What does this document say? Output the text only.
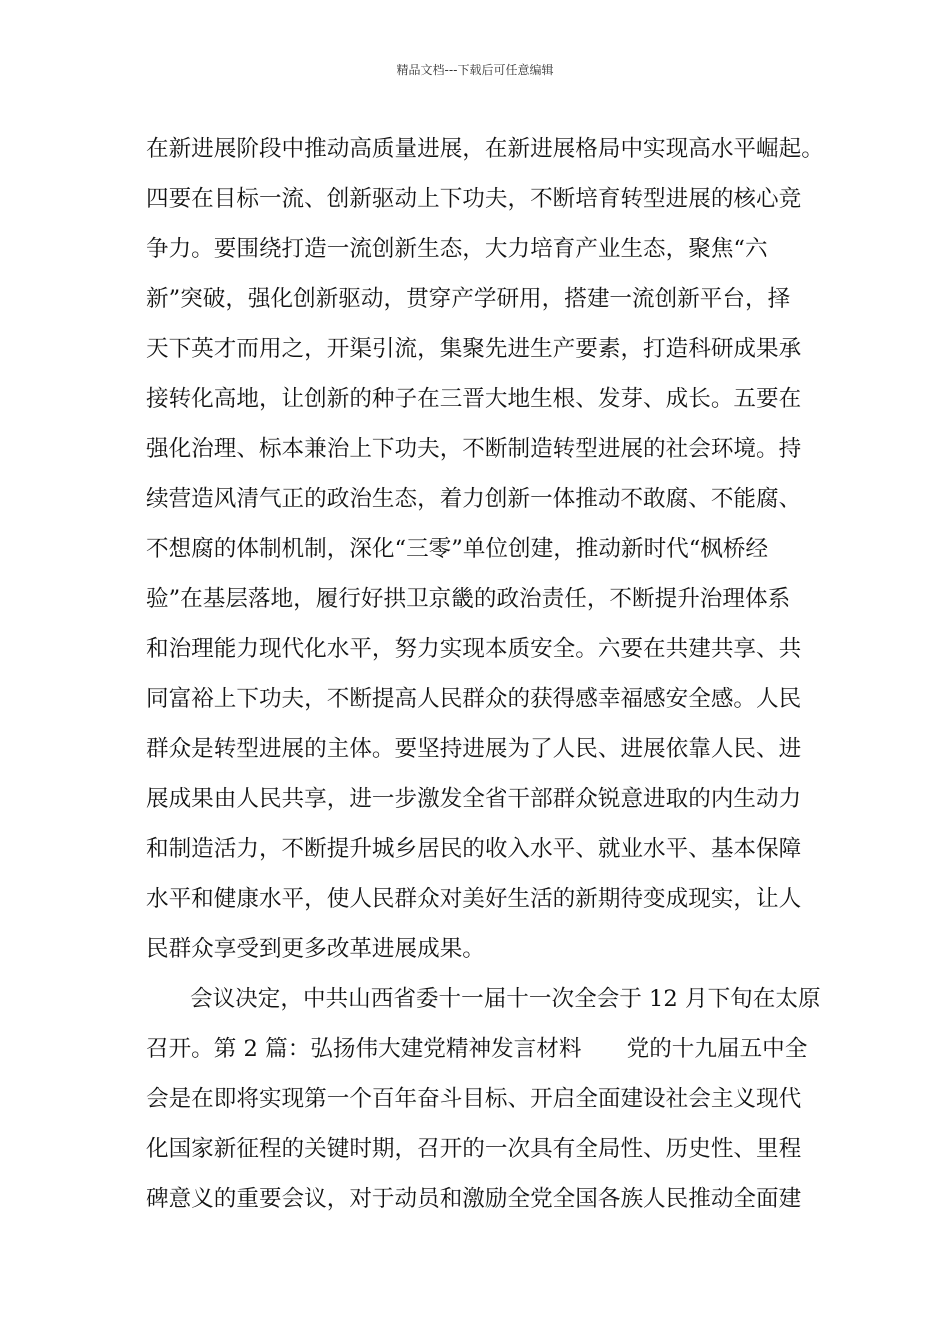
精品文档---下载后可任意编辑
在新进展阶段中推动高质量进展，在新进展格局中实现高水平崛起。
四要在目标一流、创新驱动上下功夫，不断培育转型进展的核心竞
争力。要围绕打造一流创新生态，大力培育产业生态，聚焦“六
新”突破，强化创新驱动，贯穿产学研用，搭建一流创新平台，择
天下英才而用之，开渠引流，集聚先进生产要素，打造科研成果承
接转化高地，让创新的种子在三晋大地生根、发芽、成长。五要在
强化治理、标本兼治上下功夫，不断制造转型进展的社会环境。持
续营造风清气正的政治生态，着力创新一体推动不敢腐、不能腐、
不想腐的体制机制，深化“三零”单位创建，推动新时代“枫桥经
验”在基层落地，履行好拱卫京畿的政治责任，不断提升治理体系
和治理能力现代化水平，努力实现本质安全。六要在共建共享、共
同富裕上下功夫，不断提高人民群众的获得感幸福感安全感。人民
群众是转型进展的主体。要坚持进展为了人民、进展依靠人民、进
展成果由人民共享，进一步激发全省干部群众锐意进取的内生动力
和制造活力，不断提升城乡居民的收入水平、就业水平、基本保障
水平和健康水平，使人民群众对美好生活的新期待变成现实，让人
民群众享受到更多改革进展成果。
会议决定，中共山西省委十一届十一次全会于 12 月下旬在太原
召开。第 2 篇：弘扬伟大建党精神发言材料　　党的十九届五中全
会是在即将实现第一个百年奋斗目标、开启全面建设社会主义现代
化国家新征程的关键时期，召开的一次具有全局性、历史性、里程
碑意义的重要会议，对于动员和激励全党全国各族人民推动全面建
